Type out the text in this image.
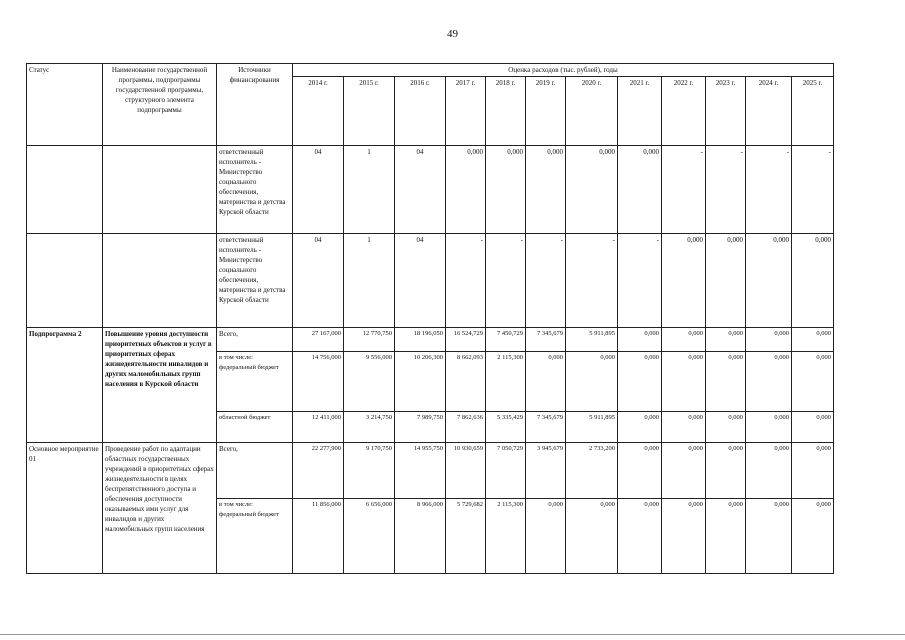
49
Статус	Наименование государственной программы, подпрограммы государственной программы, структурного элемента подпрограммы	Источники финансирования	Оценка расходов (тыс. рублей), годы											
			2014 г.	2015 г.	2016 г.	2017 г.	2018 г.	2019 г.	2020 г.	2021 г.	2022 г.	2023 г.	2024 г.	2025 г.
		ответственный исполнитель - Министерство социального обеспечения, материнства и детства Курской области	04	1	04	0,000	0,000	0,000	0,000	0,000	-	-	-	-
		ответственный исполнитель - Министерство социального обеспечения, материнства и детства Курской области	04	1	04	-	-	-	-	-	0,000	0,000	0,000	0,000
Подпрограмма 2	Повышение уровня доступности приоритетных объектов и услуг в приоритетных сферах жизнедеятельности инвалидов и других маломобильных групп населения в Курской области	Всего,	27 167,000	12 770,750	18 196,050	16 524,729	7 450,729	7 345,679	5 911,895	0,000	0,000	0,000	0,000	0,000
		в том числе: федеральный бюджет	14 756,000	9 556,000	10 206,300	8 662,093	2 115,300	0,000	0,000	0,000	0,000	0,000	0,000	0,000
		областной бюджет	12 411,000	3 214,750	7 989,750	7 862,636	5 335,429	7 345,679	5 911,895	0,000	0,000	0,000	0,000	0,000
Основное мероприятие 01	Проведение работ по адаптации областных государственных учреждений в приоритетных сферах жизнедеятельности в целях беспрепятственного доступа и обеспечения доступности оказываемых ими услуг для инвалидов и других маломобильных групп населения	Всего,	22 277,900	9 170,750	14 955,750	10 930,659	7 050,729	3 945,679	2 733,200	0,000	0,000	0,000	0,000	0,000
		в том числе: федеральный бюджет	11 856,000	6 656,000	8 966,000	5 729,682	2 115,300	0,000	0,000	0,000	0,000	0,000	0,000	0,000
